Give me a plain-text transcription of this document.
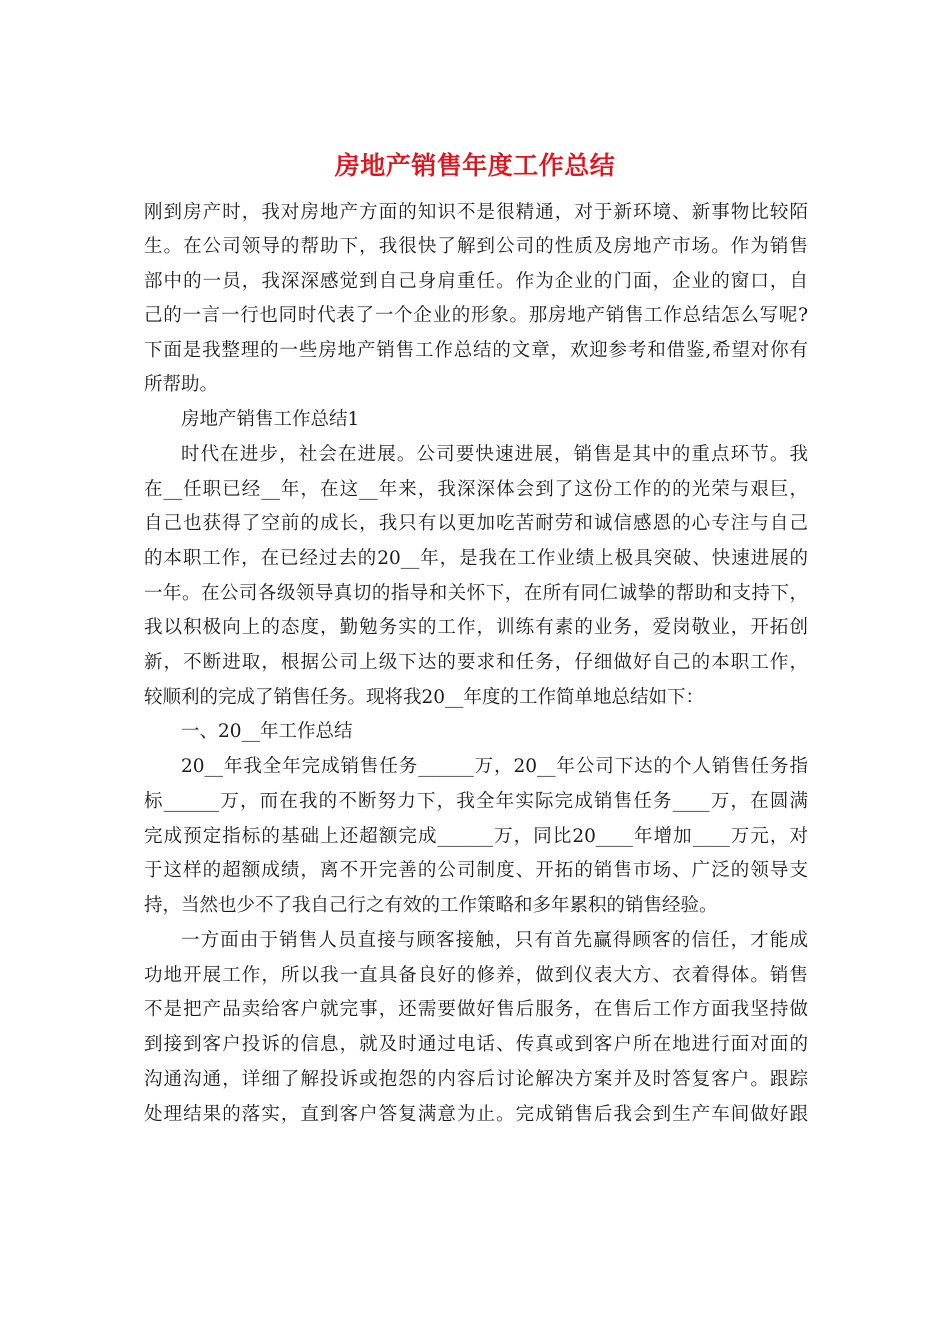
房地产销售年度工作总结
刚到房产时，我对房地产方面的知识不是很精通，对于新环境、新事物比较陌
生。在公司领导的帮助下，我很快了解到公司的性质及房地产市场。作为销售
部中的一员，我深深感觉到自己身肩重任。作为企业的门面，企业的窗口，自
己的一言一行也同时代表了一个企业的形象。那房地产销售工作总结怎么写呢?
下面是我整理的一些房地产销售工作总结的文章，欢迎参考和借鉴,希望对你有
所帮助。
房地产销售工作总结1
时代在进步，社会在进展。公司要快速进展，销售是其中的重点环节。我
在__任职已经__年，在这__年来，我深深体会到了这份工作的的光荣与艰巨，
自己也获得了空前的成长，我只有以更加吃苦耐劳和诚信感恩的心专注与自己
的本职工作，在已经过去的20__年，是我在工作业绩上极具突破、快速进展的
一年。在公司各级领导真切的指导和关怀下，在所有同仁诚挚的帮助和支持下，
我以积极向上的态度，勤勉务实的工作，训练有素的业务，爱岗敬业，开拓创
新，不断进取，根据公司上级下达的要求和任务，仔细做好自己的本职工作，
较顺利的完成了销售任务。现将我20__年度的工作简单地总结如下：
一、20__年工作总结
20__年我全年完成销售任务______万，20__年公司下达的个人销售任务指
标______万，而在我的不断努力下，我全年实际完成销售任务____万，在圆满
完成预定指标的基础上还超额完成______万，同比20____年增加____万元，对
于这样的超额成绩，离不开完善的公司制度、开拓的销售市场、广泛的领导支
持，当然也少不了我自己行之有效的工作策略和多年累积的销售经验。
一方面由于销售人员直接与顾客接触，只有首先赢得顾客的信任，才能成
功地开展工作，所以我一直具备良好的修养，做到仪表大方、衣着得体。销售
不是把产品卖给客户就完事，还需要做好售后服务，在售后工作方面我坚持做
到接到客户投诉的信息，就及时通过电话、传真或到客户所在地进行面对面的
沟通沟通，详细了解投诉或抱怨的内容后讨论解决方案并及时答复客户。跟踪
处理结果的落实，直到客户答复满意为止。完成销售后我会到生产车间做好跟
